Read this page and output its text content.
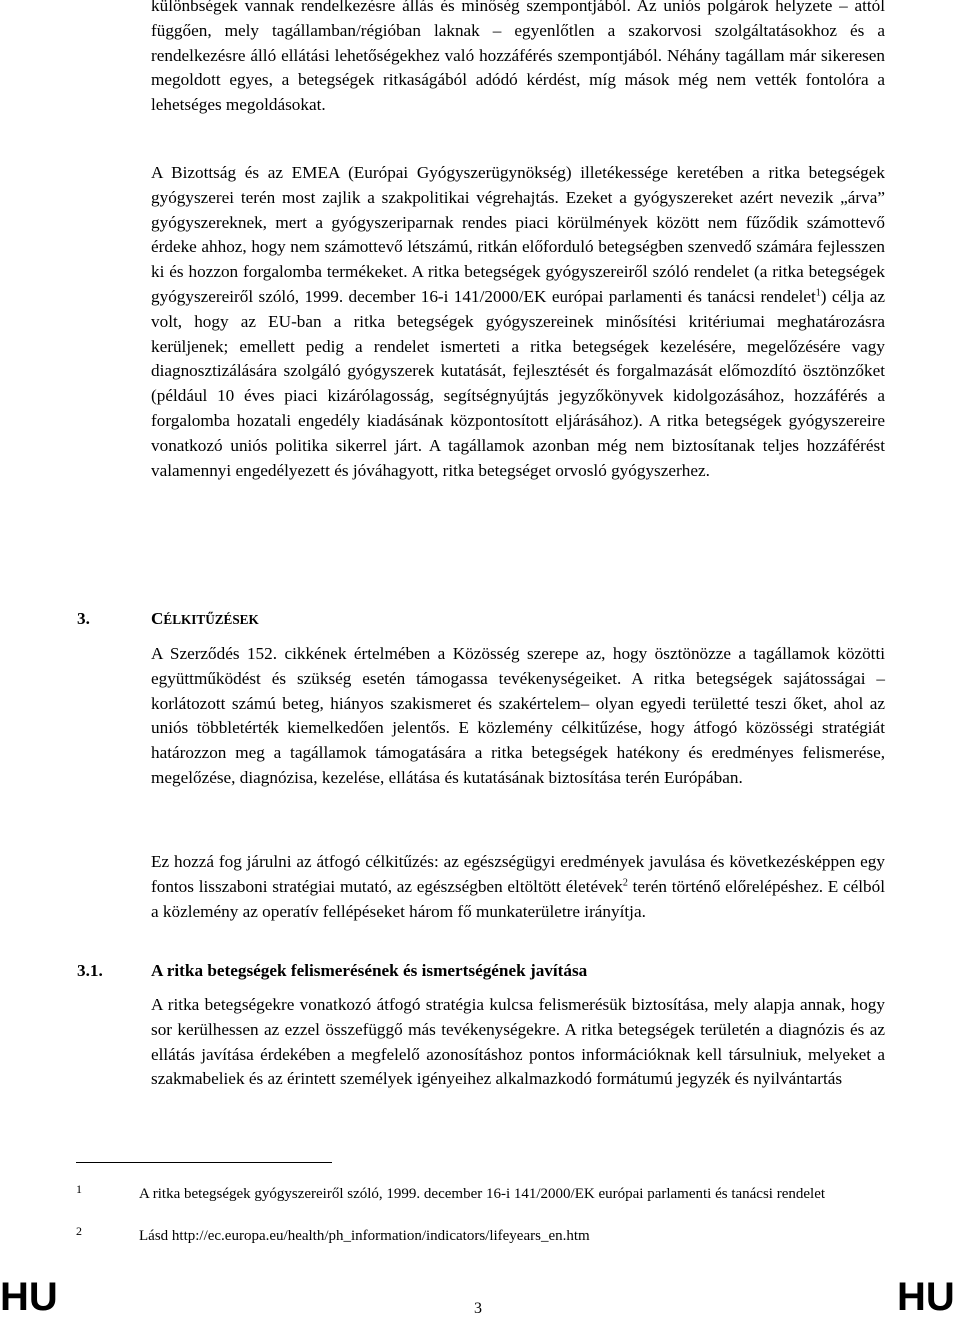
különbségek vannak rendelkezésre állás és minőség szempontjából. Az uniós polgárok helyzete – attól függően, mely tagállamban/régióban laknak – egyenlőtlen a szakorvosi szolgáltatásokhoz és a rendelkezésre álló ellátási lehetőségekhez való hozzáférés szempontjából. Néhány tagállam már sikeresen megoldott egyes, a betegségek ritkaságából adódó kérdést, míg mások még nem vették fontolóra a lehetséges megoldásokat.

A Bizottság és az EMEA (Európai Gyógyszerügynökség) illetékessége keretében a ritka betegségek gyógyszerei terén most zajlik a szakpolitikai végrehajtás. Ezeket a gyógyszereket azért nevezik „árva” gyógyszereknek, mert a gyógyszeriparnak rendes piaci körülmények között nem fűződik számottevő érdeke ahhoz, hogy nem számottevő létszámú, ritkán előforduló betegségben szenvedő számára fejlesszen ki és hozzon forgalomba termékeket. A ritka betegségek gyógyszereiről szóló rendelet (a ritka betegségek gyógyszereiről szóló, 1999. december 16-i 141/2000/EK európai parlamenti és tanácsi rendelet$^1$) célja az volt, hogy az EU-ban a ritka betegségek gyógyszereinek minősítési kritériumai meghatározásra kerüljenek; emellett pedig a rendelet ismerteti a ritka betegségek kezelésére, megelőzésére vagy diagnosztizálására szolgáló gyógyszerek kutatását, fejlesztését és forgalmazását előmozdító ösztönzőket (például 10 éves piaci kizárólagosság, segítségnyújtás jegyzőkönyvek kidolgozásához, hozzáférés a forgalomba hozatali engedély kiadásának központosított eljárásához). A ritka betegségek gyógyszereire vonatkozó uniós politika sikerrel járt. A tagállamok azonban még nem biztosítanak teljes hozzáférést valamennyi engedélyezett és jóváhagyott, ritka betegséget orvosló gyógyszerhez.

3.	CÉLKITŰZÉSEK

A Szerződés 152. cikkének értelmében a Közösség szerepe az, hogy ösztönözze a tagállamok közötti együttműködést és szükség esetén támogassa tevékenységeiket. A ritka betegségek sajátosságai – korlátozott számú beteg, hiányos szakismeret és szakértelem– olyan egyedi területté teszi őket, ahol az uniós többletérték kiemelkedően jelentős. E közlemény célkitűzése, hogy átfogó közösségi stratégiát határozzon meg a tagállamok támogatására a ritka betegségek hatékony és eredményes felismerése, megelőzése, diagnózisa, kezelése, ellátása és kutatásának biztosítása terén Európában.

Ez hozzá fog járulni az átfogó célkitűzés: az egészségügyi eredmények javulása és következésképpen egy fontos lisszaboni stratégiai mutató, az egészségben eltöltött életévek$^2$ terén történő előrelépéshez. E célból a közlemény az operatív fellépéseket három fő munkaterületre irányítja.

3.1.	A ritka betegségek felismerésének és ismertségének javítása

A ritka betegségekre vonatkozó átfogó stratégia kulcsa felismerésük biztosítása, mely alapja annak, hogy sor kerülhessen az ezzel összefüggő más tevékenységekre. A ritka betegségek területén a diagnózis és az ellátás javítása érdekében a megfelelő azonosításhoz pontos információknak kell társulniuk, melyeket a szakmabeliek és az érintett személyek igényeihez alkalmazkodó formátumú jegyzék és nyilvántartás

1	A ritka betegségek gyógyszereiről szóló, 1999. december 16-i 141/2000/EK európai parlamenti és tanácsi rendelet
2	Lásd http://ec.europa.eu/health/ph_information/indicators/lifeyears_en.htm
HU	3	HU
